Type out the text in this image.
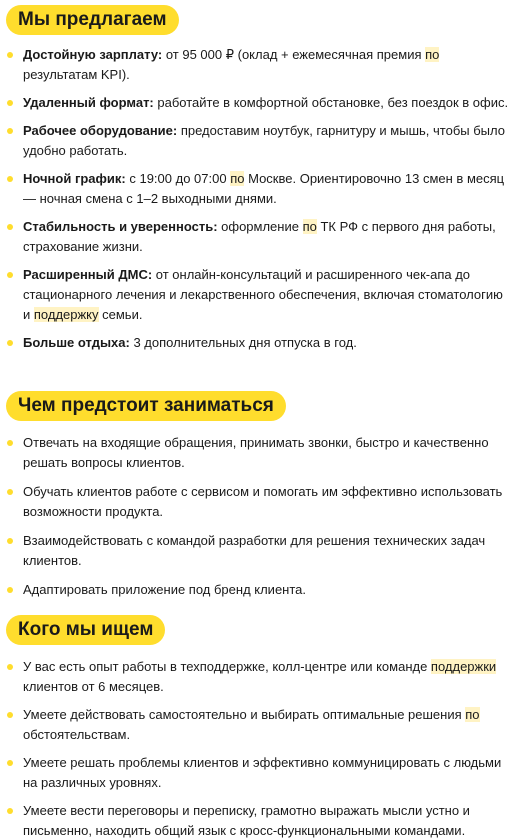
Мы предлагаем
Достойную зарплату: от 95 000 ₽ (оклад + ежемесячная премия по результатам KPI).
Удаленный формат: работайте в комфортной обстановке, без поездок в офис.
Рабочее оборудование: предоставим ноутбук, гарнитуру и мышь, чтобы было удобно работать.
Ночной график: с 19:00 до 07:00 по Москве. Ориентировочно 13 смен в месяц — ночная смена с 1–2 выходными днями.
Стабильность и уверенность: оформление по ТК РФ с первого дня работы, страхование жизни.
Расширенный ДМС: от онлайн-консультаций и расширенного чек-апа до стационарного лечения и лекарственного обеспечения, включая стоматологию и поддержку семьи.
Больше отдыха: 3 дополнительных дня отпуска в год.
Чем предстоит заниматься
Отвечать на входящие обращения, принимать звонки, быстро и качественно решать вопросы клиентов.
Обучать клиентов работе с сервисом и помогать им эффективно использовать возможности продукта.
Взаимодействовать с командой разработки для решения технических задач клиентов.
Адаптировать приложение под бренд клиента.
Кого мы ищем
У вас есть опыт работы в техподдержке, колл-центре или команде поддержки клиентов от 6 месяцев.
Умеете действовать самостоятельно и выбирать оптимальные решения по обстоятельствам.
Умеете решать проблемы клиентов и эффективно коммуницировать с людьми на различных уровнях.
Умеете вести переговоры и переписку, грамотно выражать мысли устно и письменно, находить общий язык с кросс-функциональными командами.
